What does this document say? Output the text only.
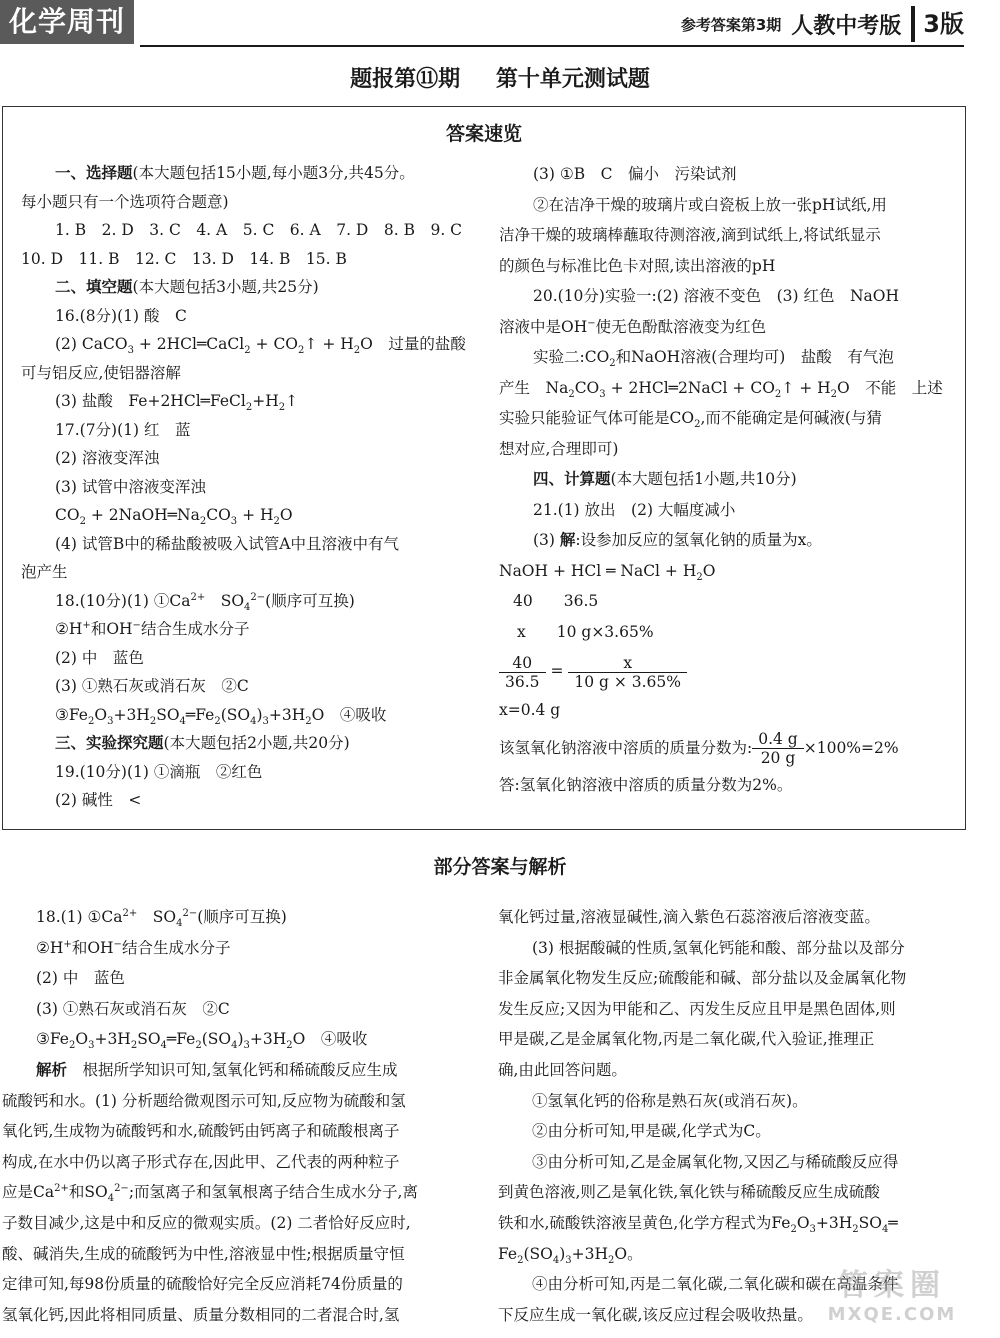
化学周刊	参考答案第3期 人教中考版 3版
题报第⑪期 第十单元测试题
答案速览
一、选择题(本大题包括15小题,每小题3分,共45分。
每小题只有一个选项符合题意)
1. B　2. D　3. C　4. A　5. C　6. A　7. D　8. B　9. C
10. D　11. B　12. C　13. D　14. B　15. B
二、填空题(本大题包括3小题,共25分)
16.(8分)(1) 酸　C
(2) CaCO$_3$ + 2HCl═CaCl$_2$ + $CO_2↑ + H_2O$　过量的盐酸
可与铝反应,使铝器溶解
(3) 盐酸　$Fe+2HCl═FeCl_2+H_2↑$
17.(7分)(1) 红　蓝
(2) 溶液变浑浊
(3) 试管中溶液变浑浊
$CO_2$ + $2NaOH═Na_2CO_3 + H_2O$
(4) 试管B中的稀盐酸被吸入试管A中且溶液中有气
泡产生
18.(10分)(1) $①Ca^{2+}$　$SO_4^{2-}$(顺序可互换)
②H+和OH−结合生成水分子
(2) 中　蓝色
(3) ①熟石灰或消石灰　②C
$③Fe_2O_3+3H_2SO_4═Fe_2(SO_4)_3+3H_2O$　④吸收
三、实验探究题(本大题包括2小题,共20分)
19.(10分)(1) ①滴瓶　②红色
(2) 碱性　<
(3) ①B　C　偏小　污染试剂
②在洁净干燥的玻璃片或白瓷板上放一张pH试纸,用
洁净干燥的玻璃棒蘸取待测溶液,滴到试纸上,将试纸显示
的颜色与标准比色卡对照,读出溶液的pH
20.(10分)实验一:(2) 溶液不变色　(3) 红色　NaOH
溶液中是OH−使无色酚酞溶液变为红色
实验二$:CO_2$和NaOH溶液(合理均可)　盐酸　有气泡
产生　$Na_2CO_3$ + 2HCl═2NaCl + $CO_2↑ + H_2O$　不能　上述
实验只能验证气体可能是$CO_2$,而不能确定是何碱液(与猜
想对应,合理即可)
四、计算题(本大题包括1小题,共10分)
21.(1) 放出　(2) 大幅度减小
(3) 解:设参加反应的氢氧化钠的质量为x。
NaOH + HCl ═ NaCl + $H_2O$
40　　36.5
x　　10 g×3.65%
$\frac{40}{36.5} = \frac{x}{10 g \times 3.65\%}$
x=0.4 g
该氢氧化钠溶液中溶质的质量分数为: $\frac{0.4 g}{20 g} \times 100\%=2\%$
答:氢氧化钠溶液中溶质的质量分数为2%。
部分答案与解析
18.(1) $①Ca^{2+}$　$SO_4^{2-}$(顺序可互换)
②H+和OH−结合生成水分子
(2) 中　蓝色
(3) ①熟石灰或消石灰　②C
$③Fe_2O_3+3H_2SO_4═Fe_2(SO_4)_3+3H_2O$　④吸收
解析　根据所学知识可知,氢氧化钙和稀硫酸反应生成
硫酸钙和水。(1) 分析题给微观图示可知,反应物为硫酸和氢
氧化钙,生成物为硫酸钙和水,硫酸钙由钙离子和硫酸根离子
构成,在水中仍以离子形式存在,因此甲、乙代表的两种粒子
应是$Ca^{2+}$和$SO_4^{2-}$;而氢离子和氢氧根离子结合生成水分子,离
子数目减少,这是中和反应的微观实质。(2) 二者恰好反应时,
酸、碱消失,生成的硫酸钙为中性,溶液显中性;根据质量守恒
定律可知,每98份质量的硫酸恰好完全反应消耗74份质量的
氢氧化钙,因此将相同质量、质量分数相同的二者混合时,氢
氧化钙过量,溶液显碱性,滴入紫色石蕊溶液后溶液变蓝。
(3) 根据酸碱的性质,氢氧化钙能和酸、部分盐以及部分
非金属氧化物发生反应;硫酸能和碱、部分盐以及金属氧化物
发生反应;又因为甲能和乙、丙发生反应且甲是黑色固体,则
甲是碳,乙是金属氧化物,丙是二氧化碳,代入验证,推理正
确,由此回答问题。
①氢氧化钙的俗称是熟石灰(或消石灰)。
②由分析可知,甲是碳,化学式为C。
③由分析可知,乙是金属氧化物,又因乙与稀硫酸反应得
到黄色溶液,则乙是氧化铁,氧化铁与稀硫酸反应生成硫酸
铁和水,硫酸铁溶液呈黄色,化学方程式为$Fe_2O_3+3H_2SO_4═$
$Fe_2(SO_4)_3+3H_2O$。
④由分析可知,丙是二氧化碳,二氧化碳和碳在高温条件
下反应生成一氧化碳,该反应过程会吸收热量。
答案圈
MXQE.COM
